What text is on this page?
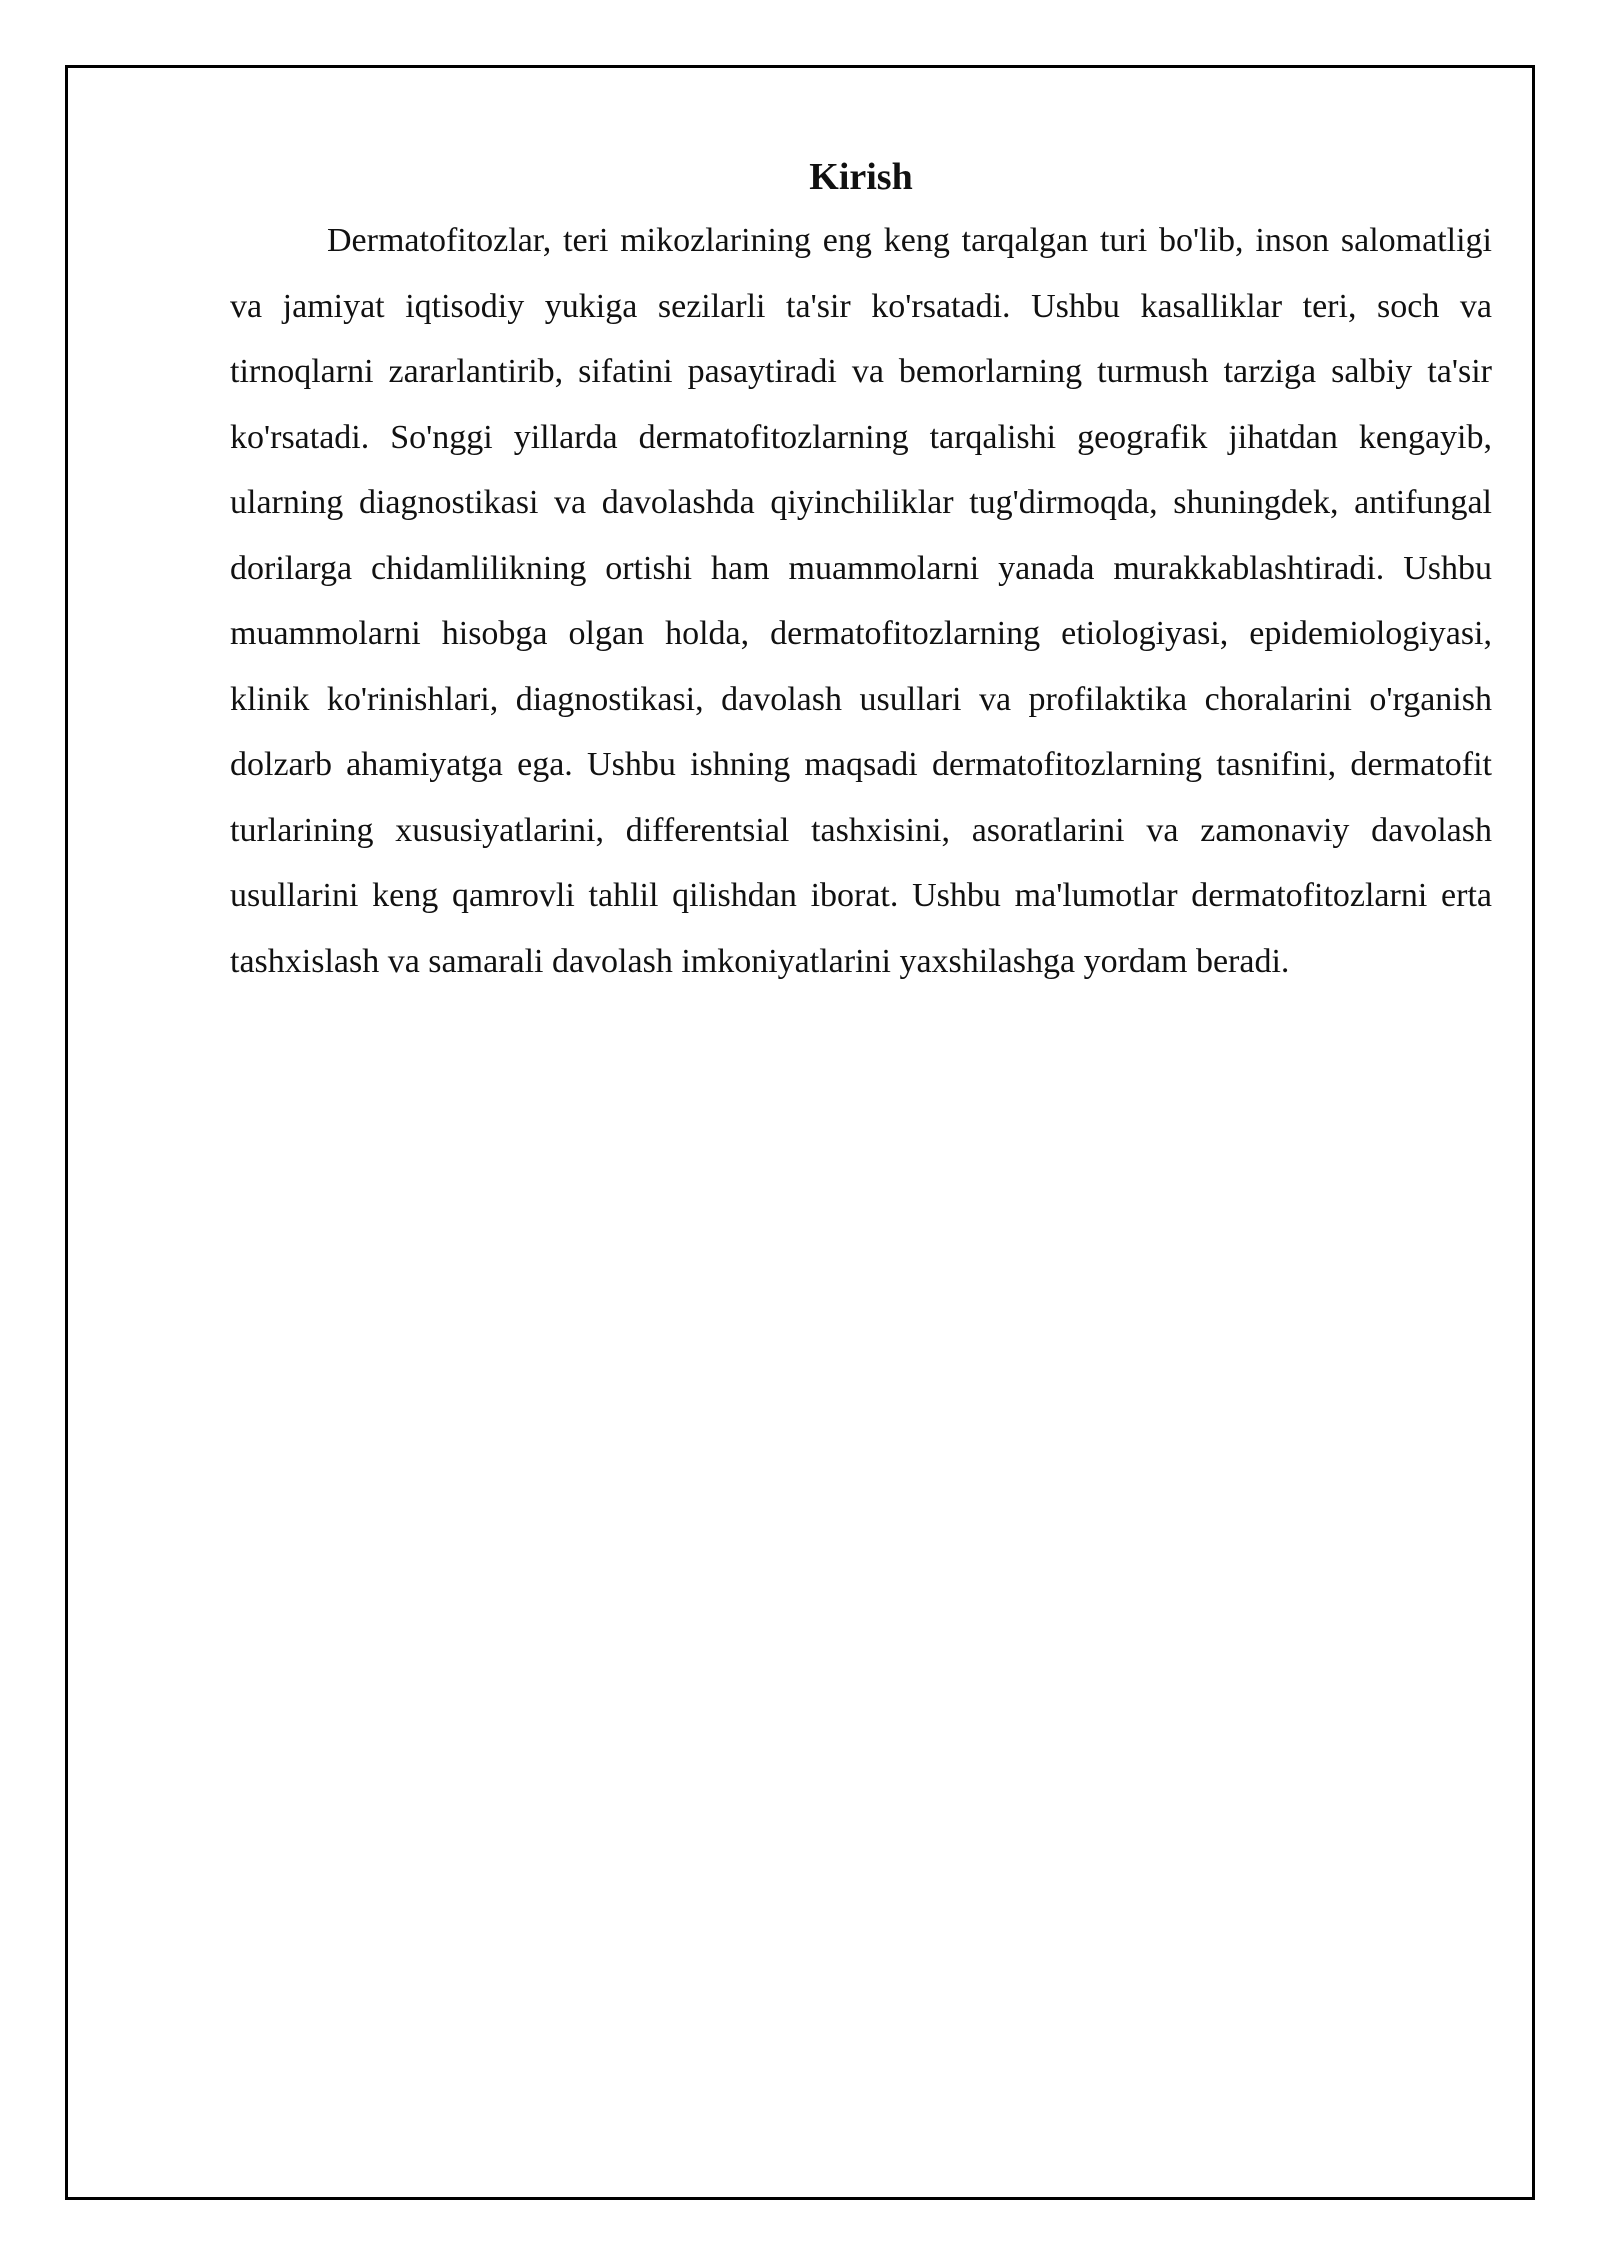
Kirish

Dermatofitozlar, teri mikozlarining eng keng tarqalgan turi bo'lib, inson salomatligi va jamiyat iqtisodiy yukiga sezilarli ta'sir ko'rsatadi. Ushbu kasalliklar teri, soch va tirnoqlarni zararlantirib, sifatini pasaytiradi va bemorlarning turmush tarziga salbiy ta'sir ko'rsatadi. So'nggi yillarda dermatofitozlarning tarqalishi geografik jihatdan kengayib, ularning diagnostikasi va davolashda qiyinchiliklar tug'dirmoqda, shuningdek, antifungal dorilarga chidamlilikning ortishi ham muammolarni yanada murakkablashtiradi. Ushbu muammolarni hisobga olgan holda, dermatofitozlarning etiologiyasi, epidemiologiyasi, klinik ko'rinishlari, diagnostikasi, davolash usullari va profilaktika choralarini o'rganish dolzarb ahamiyatga ega. Ushbu ishning maqsadi dermatofitozlarning tasnifini, dermatofit turlarining xususiyatlarini, differentsial tashxisini, asoratlarini va zamonaviy davolash usullarini keng qamrovli tahlil qilishdan iborat. Ushbu ma'lumotlar dermatofitozlarni erta tashxislash va samarali davolash imkoniyatlarini yaxshilashga yordam beradi.
